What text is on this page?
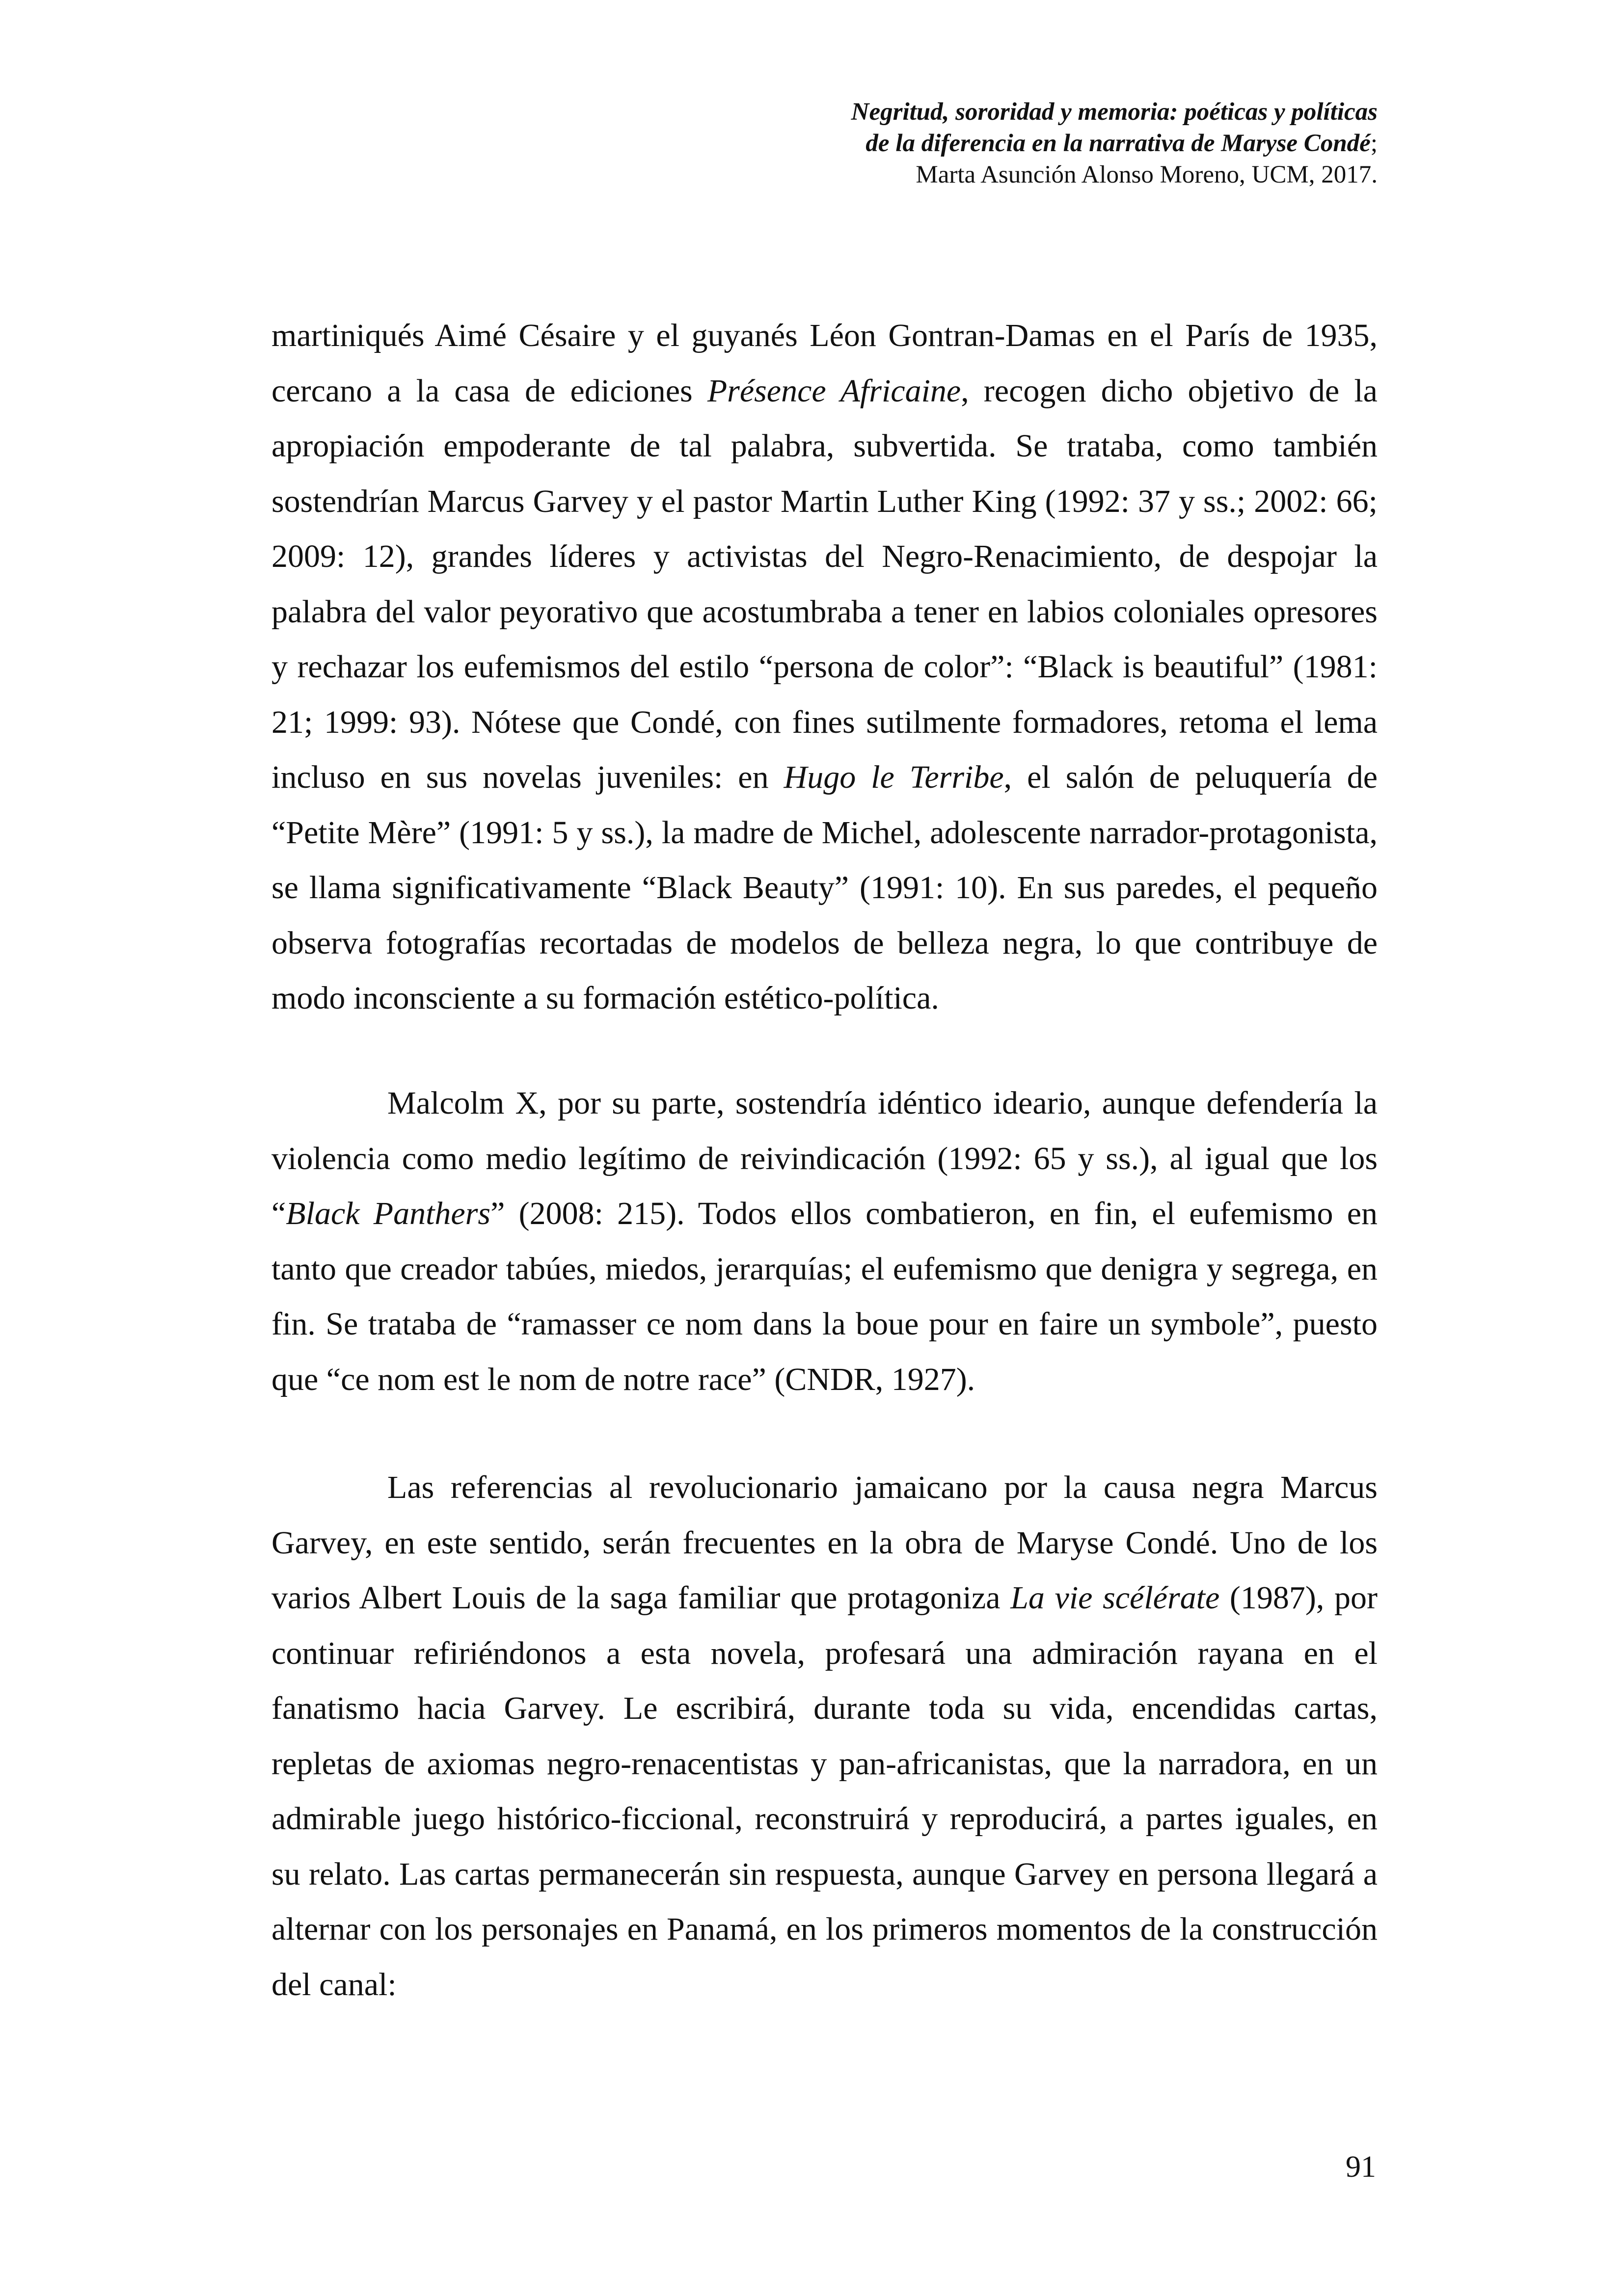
Negritud, sororidad y memoria: poéticas y políticas
de la diferencia en la narrativa de Maryse Condé;
Marta Asunción Alonso Moreno, UCM, 2017.

martiniqués Aimé Césaire y el guyanés Léon Gontran-Damas en el París de 1935, cercano a la casa de ediciones Présence Africaine, recogen dicho objetivo de la apropiación empoderante de tal palabra, subvertida. Se trataba, como también sostendrían Marcus Garvey y el pastor Martin Luther King (1992: 37 y ss.; 2002: 66; 2009: 12), grandes líderes y activistas del Negro-Renacimiento, de despojar la palabra del valor peyorativo que acostumbraba a tener en labios coloniales opresores y rechazar los eufemismos del estilo “persona de color”: “Black is beautiful” (1981: 21; 1999: 93). Nótese que Condé, con fines sutilmente formadores, retoma el lema incluso en sus novelas juveniles: en Hugo le Terribe, el salón de peluquería de “Petite Mère” (1991: 5 y ss.), la madre de Michel, adolescente narrador-protagonista, se llama significativamente “Black Beauty” (1991: 10). En sus paredes, el pequeño observa fotografías recortadas de modelos de belleza negra, lo que contribuye de modo inconsciente a su formación estético-política.

Malcolm X, por su parte, sostendría idéntico ideario, aunque defendería la violencia como medio legítimo de reivindicación (1992: 65 y ss.), al igual que los “Black Panthers” (2008: 215). Todos ellos combatieron, en fin, el eufemismo en tanto que creador tabúes, miedos, jerarquías; el eufemismo que denigra y segrega, en fin. Se trataba de “ramasser ce nom dans la boue pour en faire un symbole”, puesto que “ce nom est le nom de notre race” (CNDR, 1927).

Las referencias al revolucionario jamaicano por la causa negra Marcus Garvey, en este sentido, serán frecuentes en la obra de Maryse Condé. Uno de los varios Albert Louis de la saga familiar que protagoniza La vie scélérate (1987), por continuar refiriéndonos a esta novela, profesará una admiración rayana en el fanatismo hacia Garvey. Le escribirá, durante toda su vida, encendidas cartas, repletas de axiomas negro-renacentistas y pan-africanistas, que la narradora, en un admirable juego histórico-ficcional, reconstruirá y reproducirá, a partes iguales, en su relato. Las cartas permanecerán sin respuesta, aunque Garvey en persona llegará a alternar con los personajes en Panamá, en los primeros momentos de la construcción del canal:

91
